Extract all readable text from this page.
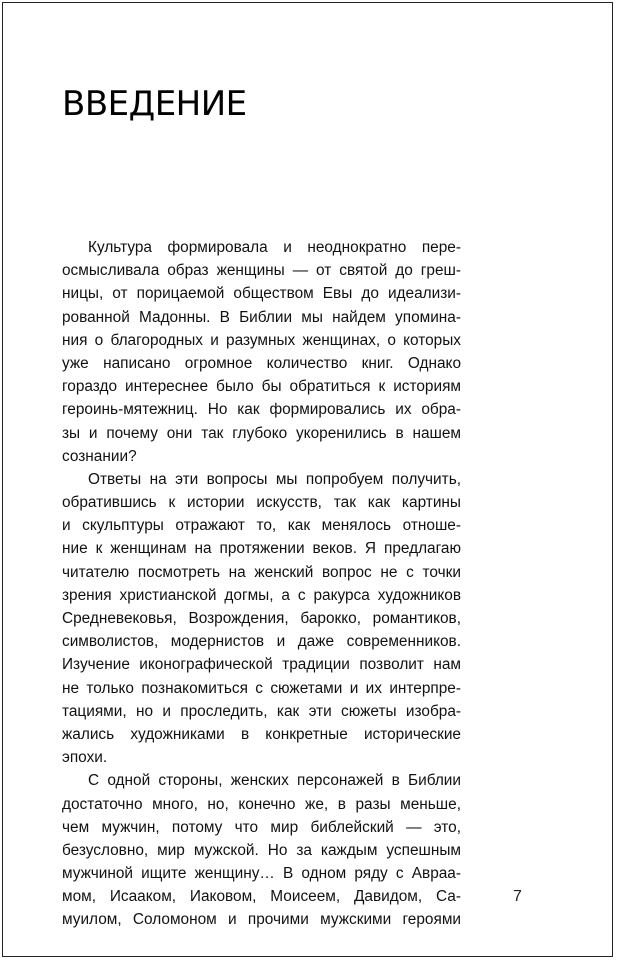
ВВЕДЕНИЕ
Культура формировала и неоднократно пере-
осмысливала образ женщины — от святой до греш-
ницы, от порицаемой обществом Евы до идеализи-
рованной Мадонны. В Библии мы найдем упомина-
ния о благородных и разумных женщинах, о которых
уже написано огромное количество книг. Однако
гораздо интереснее было бы обратиться к историям
героинь-мятежниц. Но как формировались их обра-
зы и почему они так глубоко укоренились в нашем
сознании?
Ответы на эти вопросы мы попробуем получить,
обратившись к истории искусств, так как картины
и скульптуры отражают то, как менялось отноше-
ние к женщинам на протяжении веков. Я предлагаю
читателю посмотреть на женский вопрос не с точки
зрения христианской догмы, а с ракурса художников
Средневековья, Возрождения, барокко, романтиков,
символистов, модернистов и даже современников.
Изучение иконографической традиции позволит нам
не только познакомиться с сюжетами и их интерпре-
тациями, но и проследить, как эти сюжеты изобра-
жались художниками в конкретные исторические
эпохи.
С одной стороны, женских персонажей в Библии
достаточно много, но, конечно же, в разы меньше,
чем мужчин, потому что мир библейский — это,
безусловно, мир мужской. Но за каждым успешным
мужчиной ищите женщину… В одном ряду с Авраа-
мом, Исааком, Иаковом, Моисеем, Давидом, Са-
муилом, Соломоном и прочими мужскими героями
7
